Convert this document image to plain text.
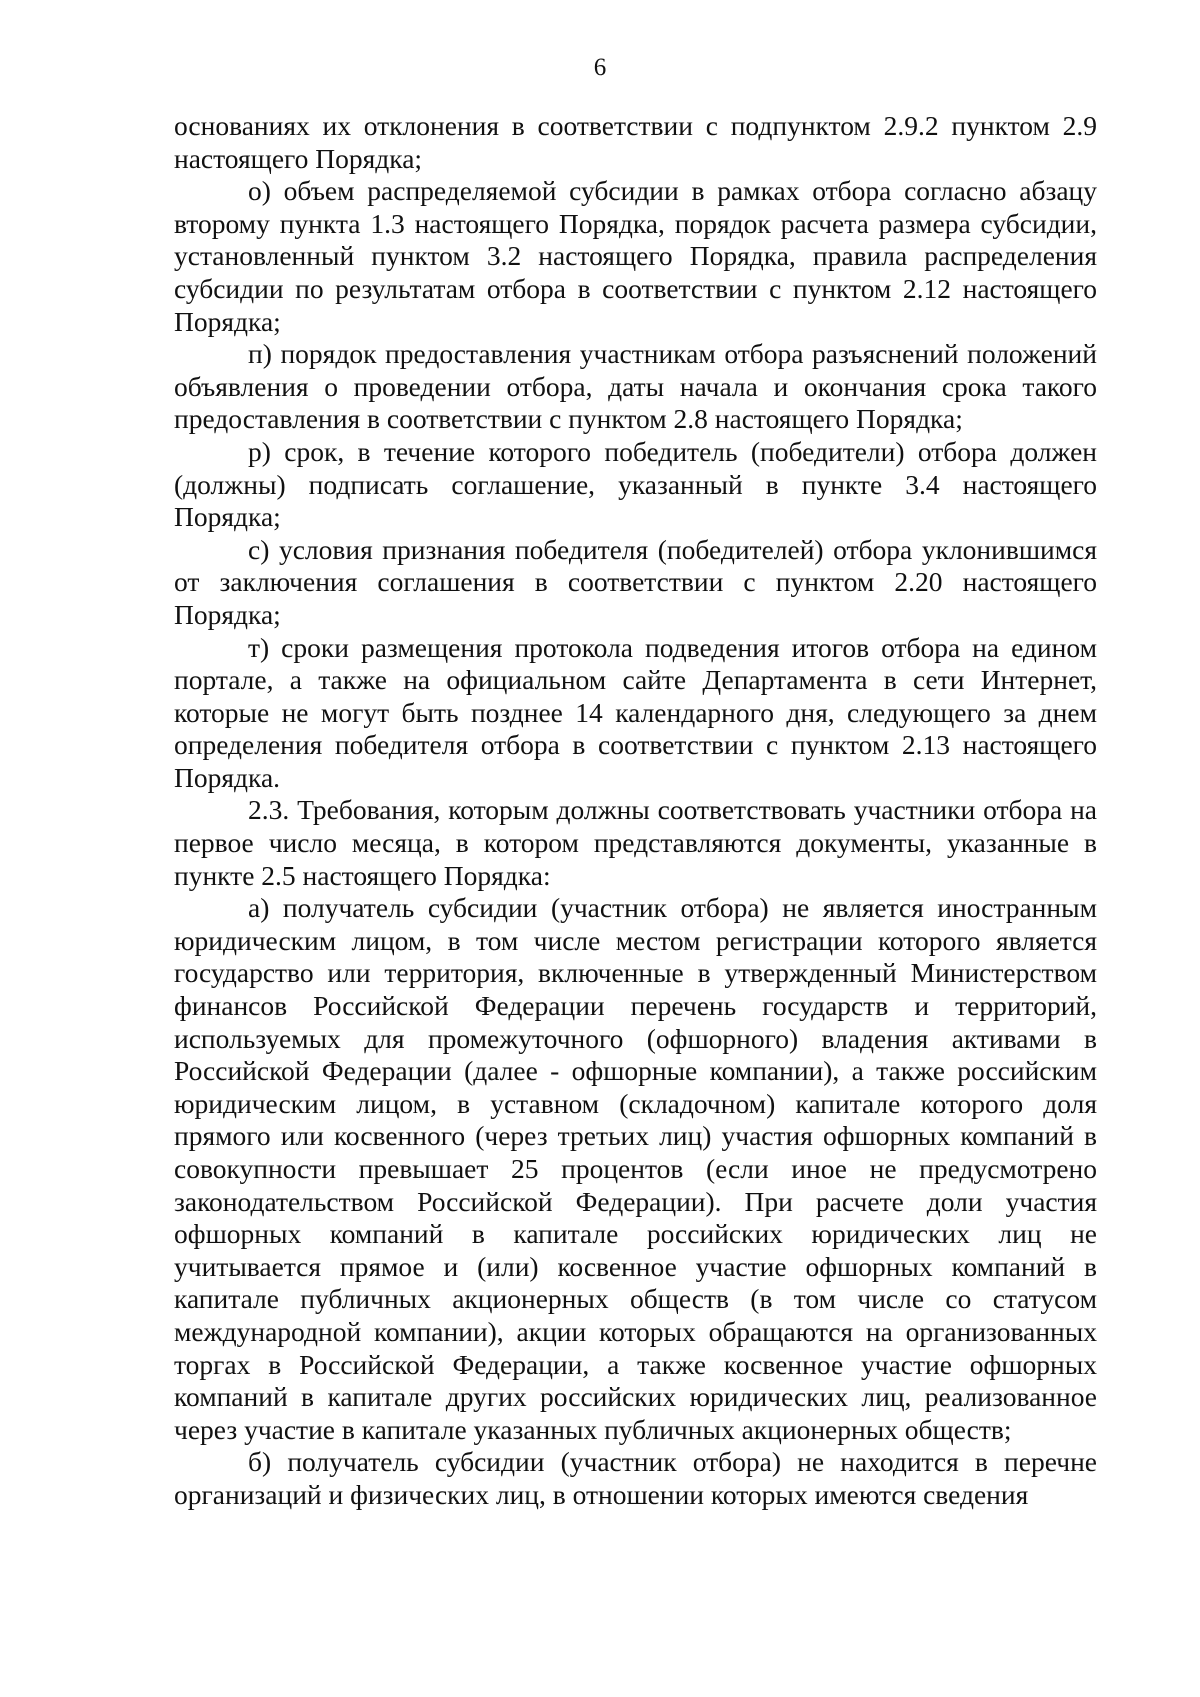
6

основаниях их отклонения в соответствии с подпунктом 2.9.2 пунктом 2.9 настоящего Порядка;

о) объем распределяемой субсидии в рамках отбора согласно абзацу второму пункта 1.3 настоящего Порядка, порядок расчета размера субсидии, установленный пунктом 3.2 настоящего Порядка, правила распределения субсидии по результатам отбора в соответствии с пунктом 2.12 настоящего Порядка;

п) порядок предоставления участникам отбора разъяснений положений объявления о проведении отбора, даты начала и окончания срока такого предоставления в соответствии с пунктом 2.8 настоящего Порядка;

р) срок, в течение которого победитель (победители) отбора должен (должны) подписать соглашение, указанный в пункте 3.4 настоящего Порядка;

с) условия признания победителя (победителей) отбора уклонившимся от заключения соглашения в соответствии с пунктом 2.20 настоящего Порядка;

т) сроки размещения протокола подведения итогов отбора на едином портале, а также на официальном сайте Департамента в сети Интернет, которые не могут быть позднее 14 календарного дня, следующего за днем определения победителя отбора в соответствии с пунктом 2.13 настоящего Порядка.

2.3. Требования, которым должны соответствовать участники отбора на первое число месяца, в котором представляются документы, указанные в пункте 2.5 настоящего Порядка:

а) получатель субсидии (участник отбора) не является иностранным юридическим лицом, в том числе местом регистрации которого является государство или территория, включенные в утвержденный Министерством финансов Российской Федерации перечень государств и территорий, используемых для промежуточного (офшорного) владения активами в Российской Федерации (далее - офшорные компании), а также российским юридическим лицом, в уставном (складочном) капитале которого доля прямого или косвенного (через третьих лиц) участия офшорных компаний в совокупности превышает 25 процентов (если иное не предусмотрено законодательством Российской Федерации). При расчете доли участия офшорных компаний в капитале российских юридических лиц не учитывается прямое и (или) косвенное участие офшорных компаний в капитале публичных акционерных обществ (в том числе со статусом международной компании), акции которых обращаются на организованных торгах в Российской Федерации, а также косвенное участие офшорных компаний в капитале других российских юридических лиц, реализованное через участие в капитале указанных публичных акционерных обществ;

б) получатель субсидии (участник отбора) не находится в перечне организаций и физических лиц, в отношении которых имеются сведения
